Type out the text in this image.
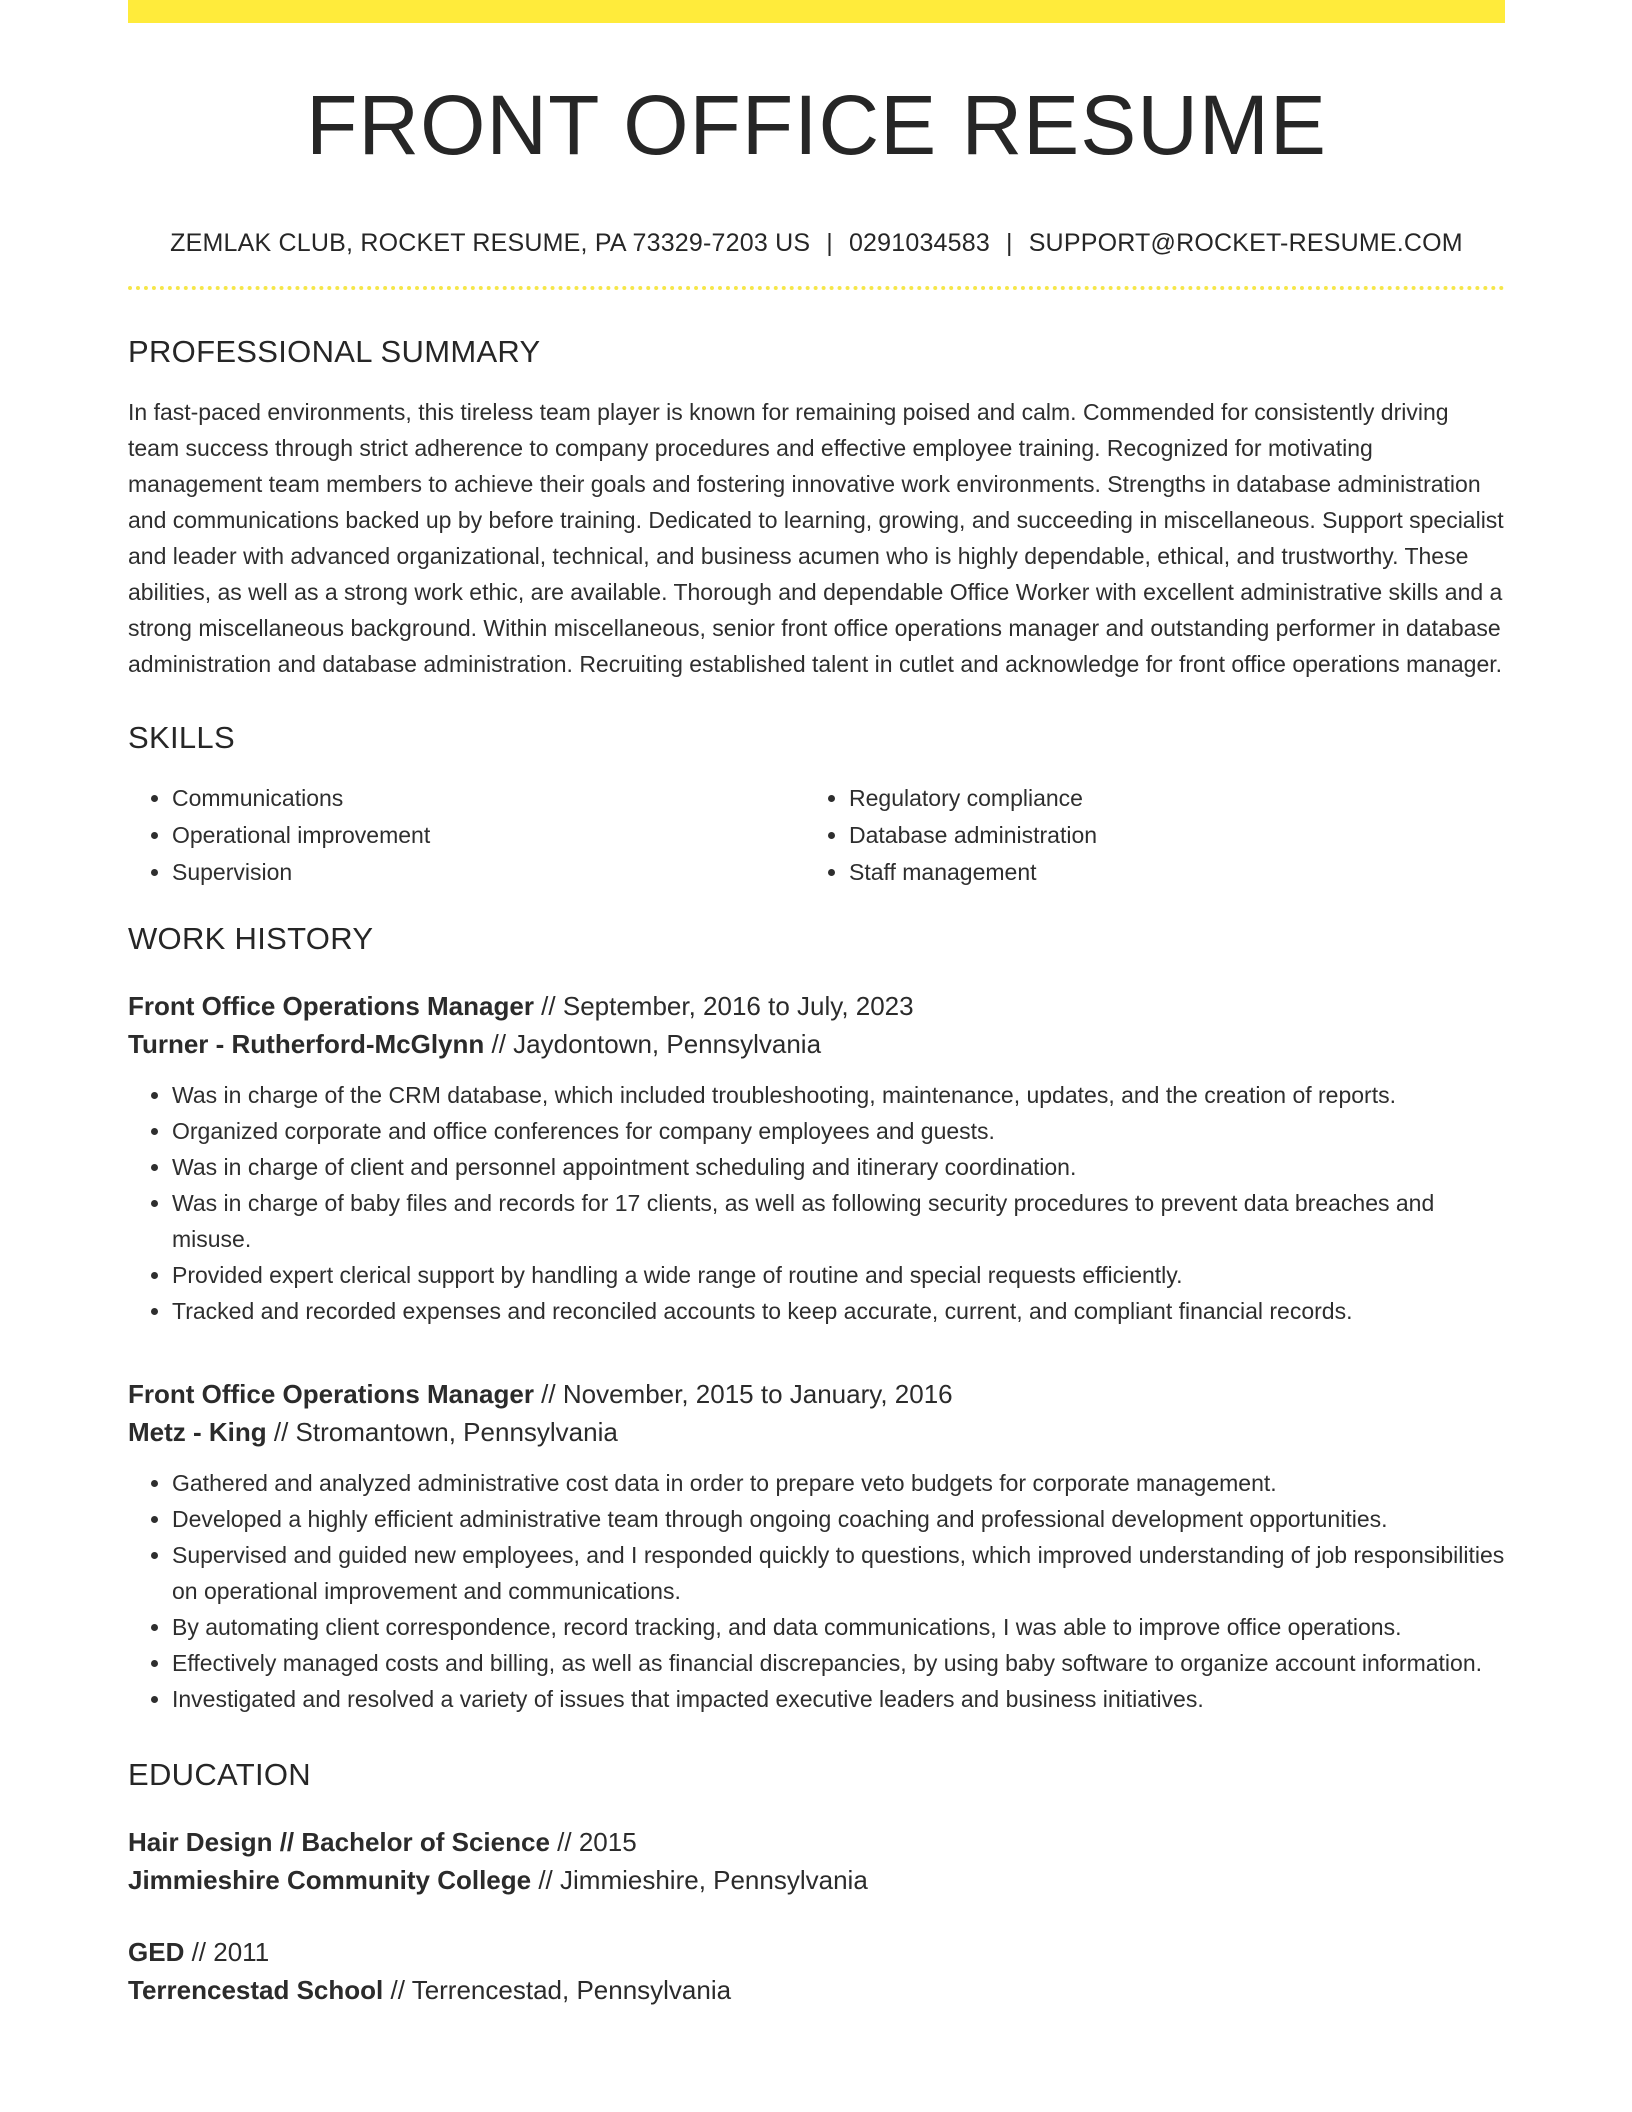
FRONT OFFICE RESUME
ZEMLAK CLUB, ROCKET RESUME, PA 73329-7203 US | 0291034583 | SUPPORT@ROCKET-RESUME.COM
PROFESSIONAL SUMMARY

In fast-paced environments, this tireless team player is known for remaining poised and calm. Commended for consistently driving team success through strict adherence to company procedures and effective employee training. Recognized for motivating management team members to achieve their goals and fostering innovative work environments. Strengths in database administration and communications backed up by before training. Dedicated to learning, growing, and succeeding in miscellaneous. Support specialist and leader with advanced organizational, technical, and business acumen who is highly dependable, ethical, and trustworthy. These abilities, as well as a strong work ethic, are available. Thorough and dependable Office Worker with excellent administrative skills and a strong miscellaneous background. Within miscellaneous, senior front office operations manager and outstanding performer in database administration and database administration. Recruiting established talent in cutlet and acknowledge for front office operations manager.

SKILLS
• Communications
• Operational improvement
• Supervision
• Regulatory compliance
• Database administration
• Staff management
WORK HISTORY
Front Office Operations Manager // September, 2016 to July, 2023
Turner - Rutherford-McGlynn // Jaydontown, Pennsylvania
• Was in charge of the CRM database, which included troubleshooting, maintenance, updates, and the creation of reports.
• Organized corporate and office conferences for company employees and guests.
• Was in charge of client and personnel appointment scheduling and itinerary coordination.
• Was in charge of baby files and records for 17 clients, as well as following security procedures to prevent data breaches and misuse.
• Provided expert clerical support by handling a wide range of routine and special requests efficiently.
• Tracked and recorded expenses and reconciled accounts to keep accurate, current, and compliant financial records.
Front Office Operations Manager // November, 2015 to January, 2016
Metz - King // Stromantown, Pennsylvania
• Gathered and analyzed administrative cost data in order to prepare veto budgets for corporate management.
• Developed a highly efficient administrative team through ongoing coaching and professional development opportunities.
• Supervised and guided new employees, and I responded quickly to questions, which improved understanding of job responsibilities on operational improvement and communications.
• By automating client correspondence, record tracking, and data communications, I was able to improve office operations.
• Effectively managed costs and billing, as well as financial discrepancies, by using baby software to organize account information.
• Investigated and resolved a variety of issues that impacted executive leaders and business initiatives.
EDUCATION
Hair Design // Bachelor of Science // 2015
Jimmieshire Community College // Jimmieshire, Pennsylvania
GED // 2011
Terrencestad School // Terrencestad, Pennsylvania
